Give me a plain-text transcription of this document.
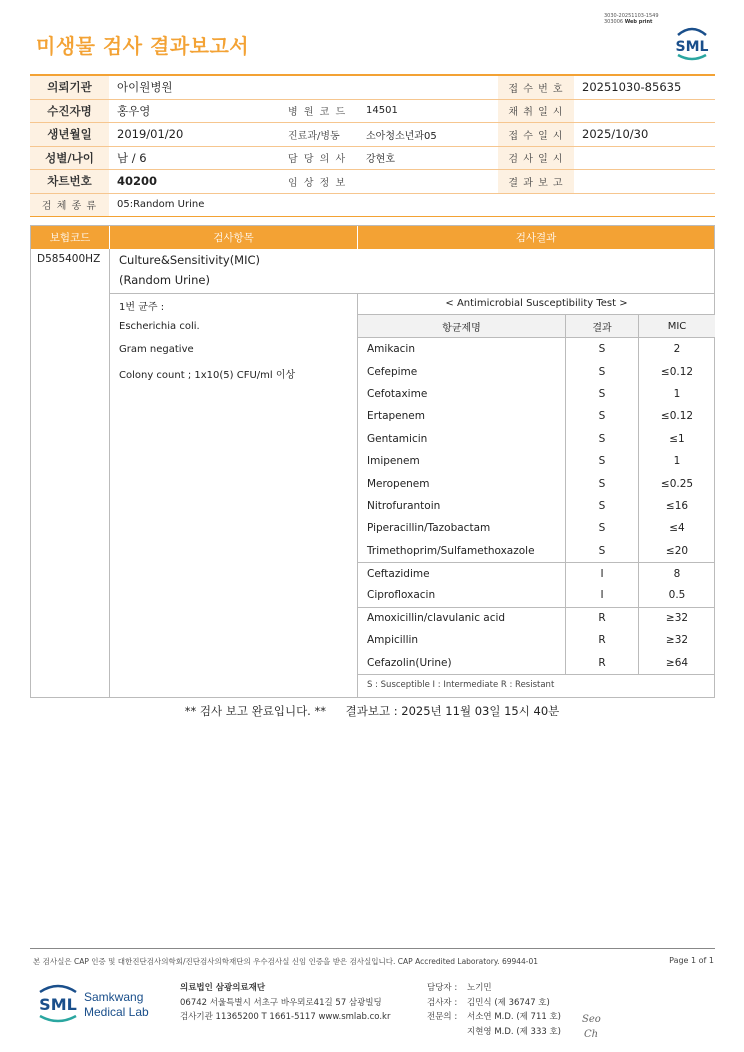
미생물 검사 결과보고서
3030-20251103-1549
303006 Web print
SML
의뢰기관	아이원병원	접 수 번 호	20251030-85635
수진자명	홍우영	병 원 코 드	14501	채 취 일 시
생년월일	2019/01/20	진료과/병동	소아청소년과05	접 수 일 시	2025/10/30
성별/나이	남 / 6	담 당 의 사	강현호	검 사 일 시
차트번호	40200	임 상 정 보	결 과 보 고
검 체 종 류	05:Random Urine
보험코드	검사항목	검사결과
D585400HZ Culture&Sensitivity(MIC)
(Random Urine)
1번 균주 :
Escherichia coli.
Gram negative
Colony count ; 1x10(5) CFU/ml 이상
< Antimicrobial Susceptibility Test >
항균제명	결과	MIC
Amikacin	S	2
Cefepime	S	≤0.12
Cefotaxime	S	1
Ertapenem	S	≤0.12
Gentamicin	S	≤1
Imipenem	S	1
Meropenem	S	≤0.25
Nitrofurantoin	S	≤16
Piperacillin/Tazobactam	S	≤4
Trimethoprim/Sulfamethoxazole	S	≤20
Ceftazidime	I	8
Ciprofloxacin	I	0.5
Amoxicillin/clavulanic acid	R	≥32
Ampicillin	R	≥32
Cefazolin(Urine)	R	≥64
S : Susceptible I : Intermediate R : Resistant
** 검사 보고 완료입니다. ** 결과보고 : 2025년 11월 03일 15시 40분
본 검사실은 CAP 인증 및 대한진단검사의학회/진단검사의학재단의 우수검사실 신임 인증을 받은 검사실입니다. CAP Accredited Laboratory. 69944-01	Page 1 of 1
SML Samkwang
Medical Lab
의료법인 삼광의료재단
06742 서울특별시 서초구 바우뫼로41길 57 삼광빌딩
검사기관 11365200 T 1661-5117 www.smlab.co.kr
담당자 :	노기민
검사자 :	김민식 (제 36747 호)
전문의 :	서소연 M.D. (제 711 호)
지현영 M.D. (제 333 호)
Seo
Ch
